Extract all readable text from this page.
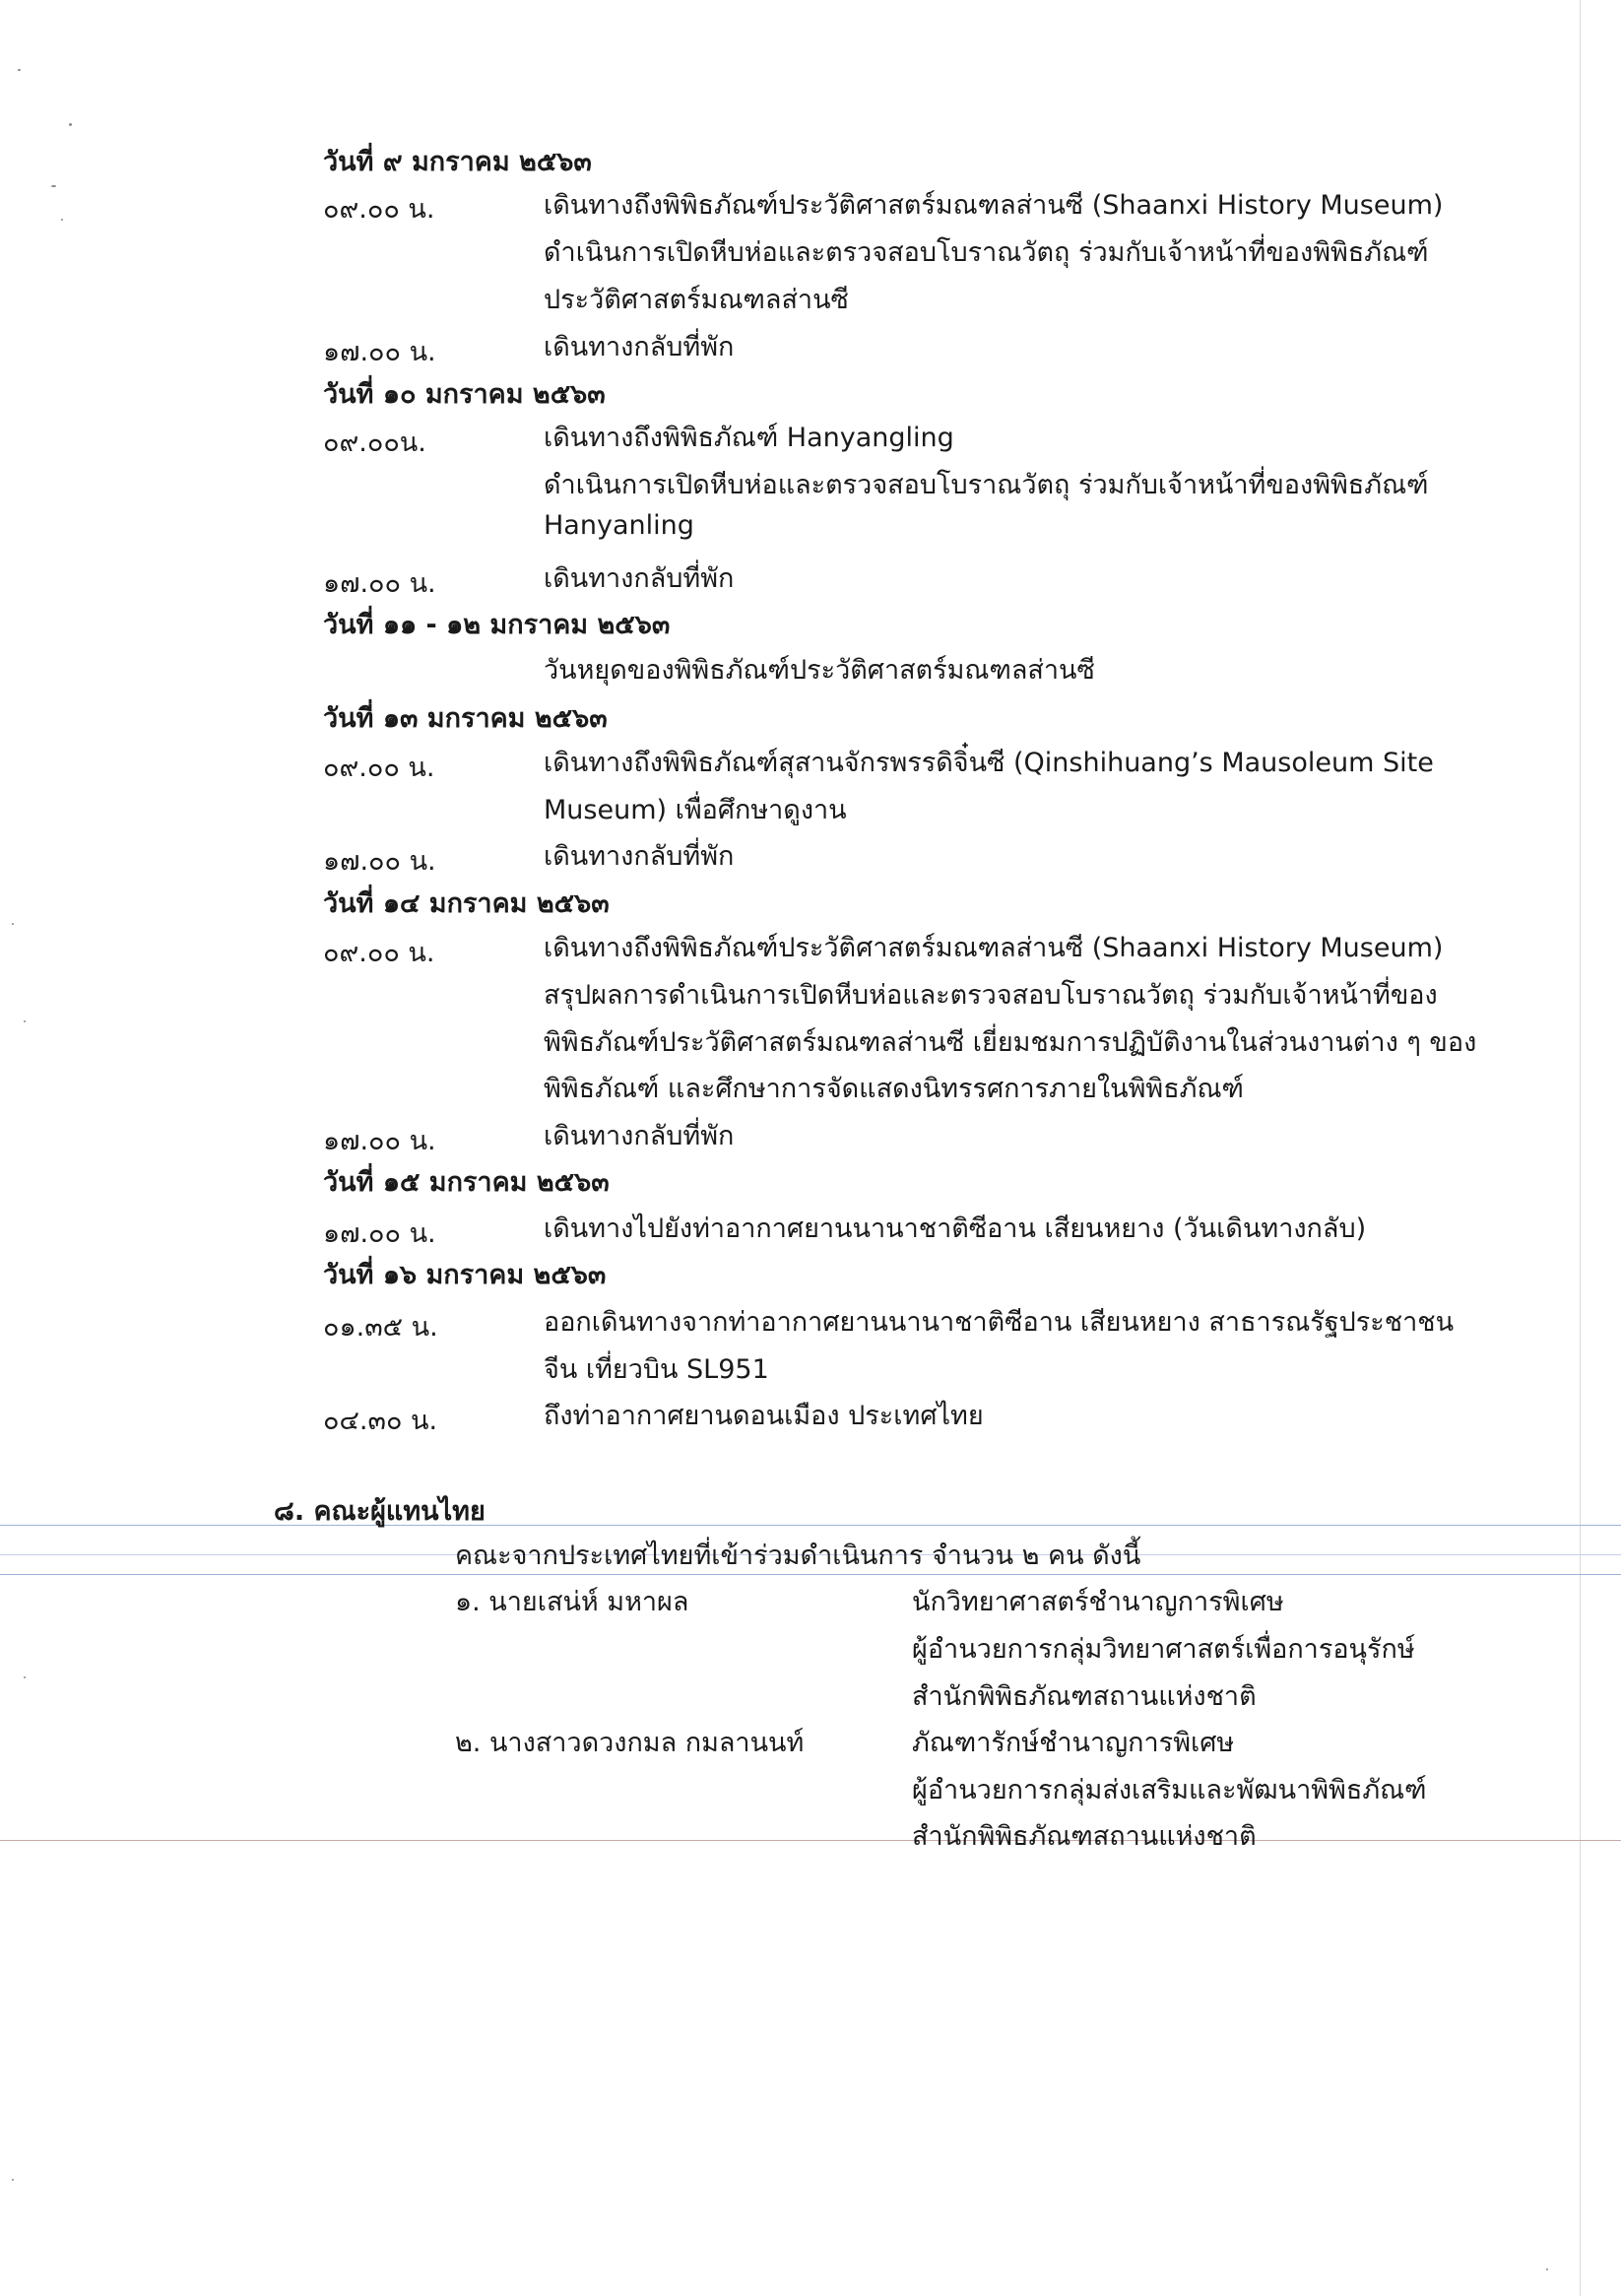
วันที่ ๙ มกราคม ๒๕๖๓
๐๙.๐๐ น.	เดินทางถึงพิพิธภัณฑ์ประวัติศาสตร์มณฑลส่านซี (Shaanxi History Museum)
ดำเนินการเปิดหีบห่อและตรวจสอบโบราณวัตถุ ร่วมกับเจ้าหน้าที่ของพิพิธภัณฑ์
ประวัติศาสตร์มณฑลส่านซี
๑๗.๐๐ น.	เดินทางกลับที่พัก
วันที่ ๑๐ มกราคม ๒๕๖๓
๐๙.๐๐น.	เดินทางถึงพิพิธภัณฑ์ Hanyangling
ดำเนินการเปิดหีบห่อและตรวจสอบโบราณวัตถุ ร่วมกับเจ้าหน้าที่ของพิพิธภัณฑ์
Hanyanling
๑๗.๐๐ น.	เดินทางกลับที่พัก
วันที่ ๑๑ - ๑๒ มกราคม ๒๕๖๓
วันหยุดของพิพิธภัณฑ์ประวัติศาสตร์มณฑลส่านซี
วันที่ ๑๓ มกราคม ๒๕๖๓
๐๙.๐๐ น.	เดินทางถึงพิพิธภัณฑ์สุสานจักรพรรดิจิ๋นซี (Qinshihuang’s Mausoleum Site
Museum) เพื่อศึกษาดูงาน
๑๗.๐๐ น.	เดินทางกลับที่พัก
วันที่ ๑๔ มกราคม ๒๕๖๓
๐๙.๐๐ น.	เดินทางถึงพิพิธภัณฑ์ประวัติศาสตร์มณฑลส่านซี (Shaanxi History Museum)
สรุปผลการดำเนินการเปิดหีบห่อและตรวจสอบโบราณวัตถุ ร่วมกับเจ้าหน้าที่ของ
พิพิธภัณฑ์ประวัติศาสตร์มณฑลส่านซี เยี่ยมชมการปฏิบัติงานในส่วนงานต่าง ๆ ของ
พิพิธภัณฑ์ และศึกษาการจัดแสดงนิทรรศการภายในพิพิธภัณฑ์
๑๗.๐๐ น.	เดินทางกลับที่พัก
วันที่ ๑๕ มกราคม ๒๕๖๓
๑๗.๐๐ น.	เดินทางไปยังท่าอากาศยานนานาชาติซีอาน เสียนหยาง (วันเดินทางกลับ)
วันที่ ๑๖ มกราคม ๒๕๖๓
๐๑.๓๕ น.	ออกเดินทางจากท่าอากาศยานนานาชาติซีอาน เสียนหยาง สาธารณรัฐประชาชน
จีน เที่ยวบิน SL951
๐๔.๓๐ น.	ถึงท่าอากาศยานดอนเมือง ประเทศไทย
๘. คณะผู้แทนไทย
คณะจากประเทศไทยที่เข้าร่วมดำเนินการ จำนวน ๒ คน ดังนี้
๑. นายเสน่ห์ มหาผล	นักวิทยาศาสตร์ชำนาญการพิเศษ
ผู้อำนวยการกลุ่มวิทยาศาสตร์เพื่อการอนุรักษ์
สำนักพิพิธภัณฑสถานแห่งชาติ
๒. นางสาวดวงกมล กมลานนท์	ภัณฑารักษ์ชำนาญการพิเศษ
ผู้อำนวยการกลุ่มส่งเสริมและพัฒนาพิพิธภัณฑ์
สำนักพิพิธภัณฑสถานแห่งชาติ
